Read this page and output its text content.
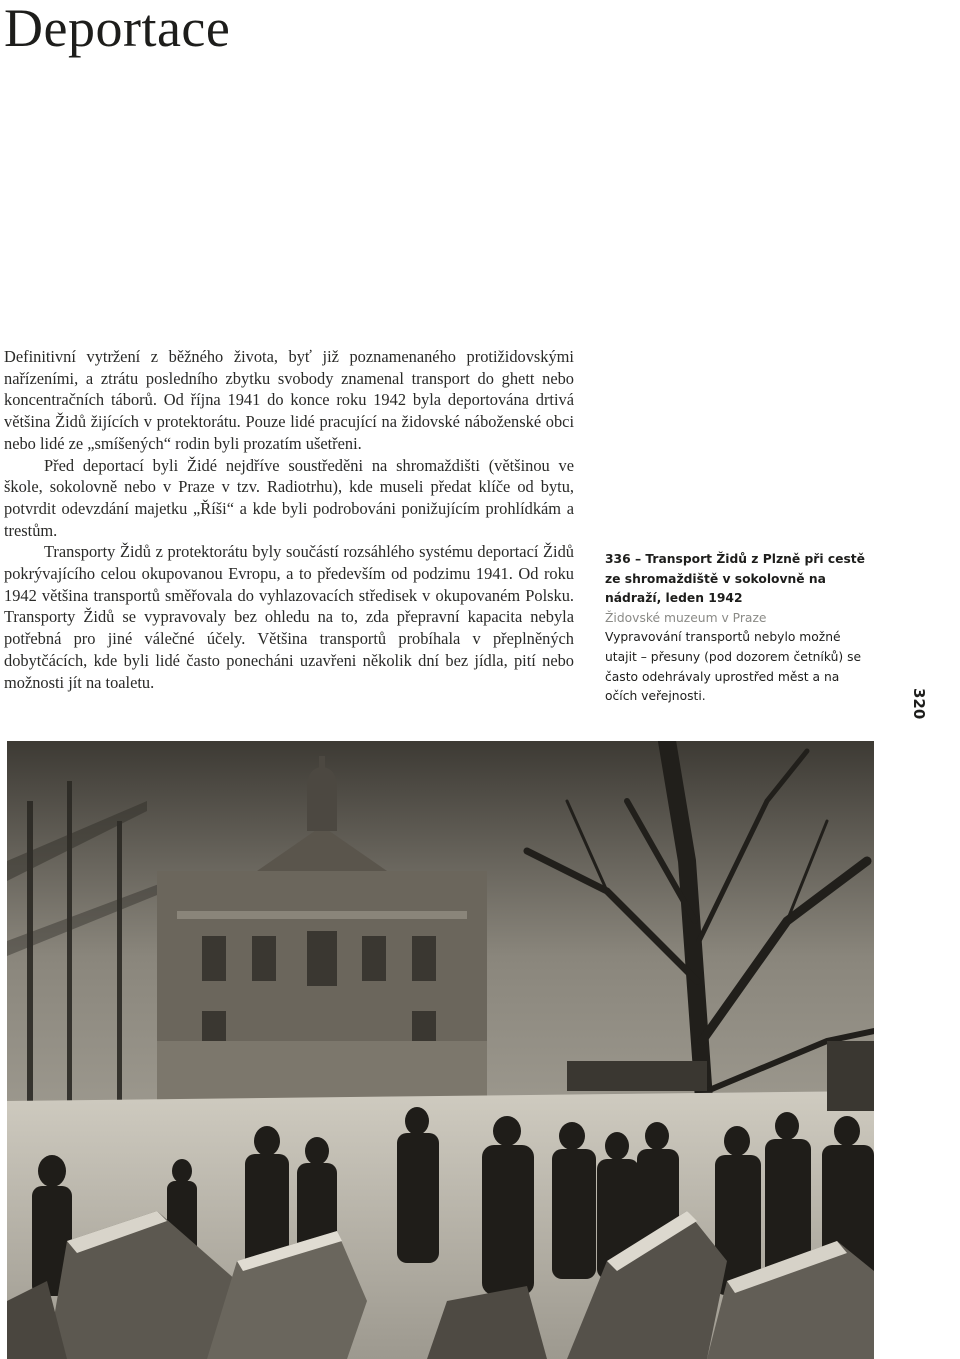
Deportace

Definitivní vytržení z běžného života, byť již poznamenaného protižidovskými nařízeními, a ztrátu posledního zbytku svobody znamenal transport do ghett nebo koncentračních táborů. Od října 1941 do konce roku 1942 byla deportována drtivá většina Židů žijících v protektorátu. Pouze lidé pracující na židovské náboženské obci nebo lidé ze „smíšených“ rodin byli prozatím ušetřeni.

Před deportací byli Židé nejdříve soustředěni na shromaždišti (většinou ve škole, sokolovně nebo v Praze v tzv. Radiotrhu), kde museli předat klíče od bytu, potvrdit odevzdání majetku „Říši“ a kde byli podrobováni ponižujícím prohlídkám a trestům.

Transporty Židů z protektorátu byly součástí rozsáhlého systému deportací Židů pokrývajícího celou okupovanou Evropu, a to především od podzimu 1941. Od roku 1942 většina transportů směřovala do vyhlazovacích středisek v okupovaném Polsku. Transporty Židů se vypravovaly bez ohledu na to, zda přepravní kapacita nebyla potřebná pro jiné válečné účely. Většina transportů probíhala v přeplněných dobytčácích, kde byli lidé často ponecháni uzavřeni několik dní bez jídla, pití nebo možnosti jít na toaletu.

336 – Transport Židů z Plzně při cestě ze shromaždiště v sokolovně na nádraží, leden 1942

Židovské muzeum v Praze

Vypravování transportů nebylo možné utajit – přesuny (pod dozorem četníků) se často odehrávaly uprostřed měst a na očích veřejnosti.	320
